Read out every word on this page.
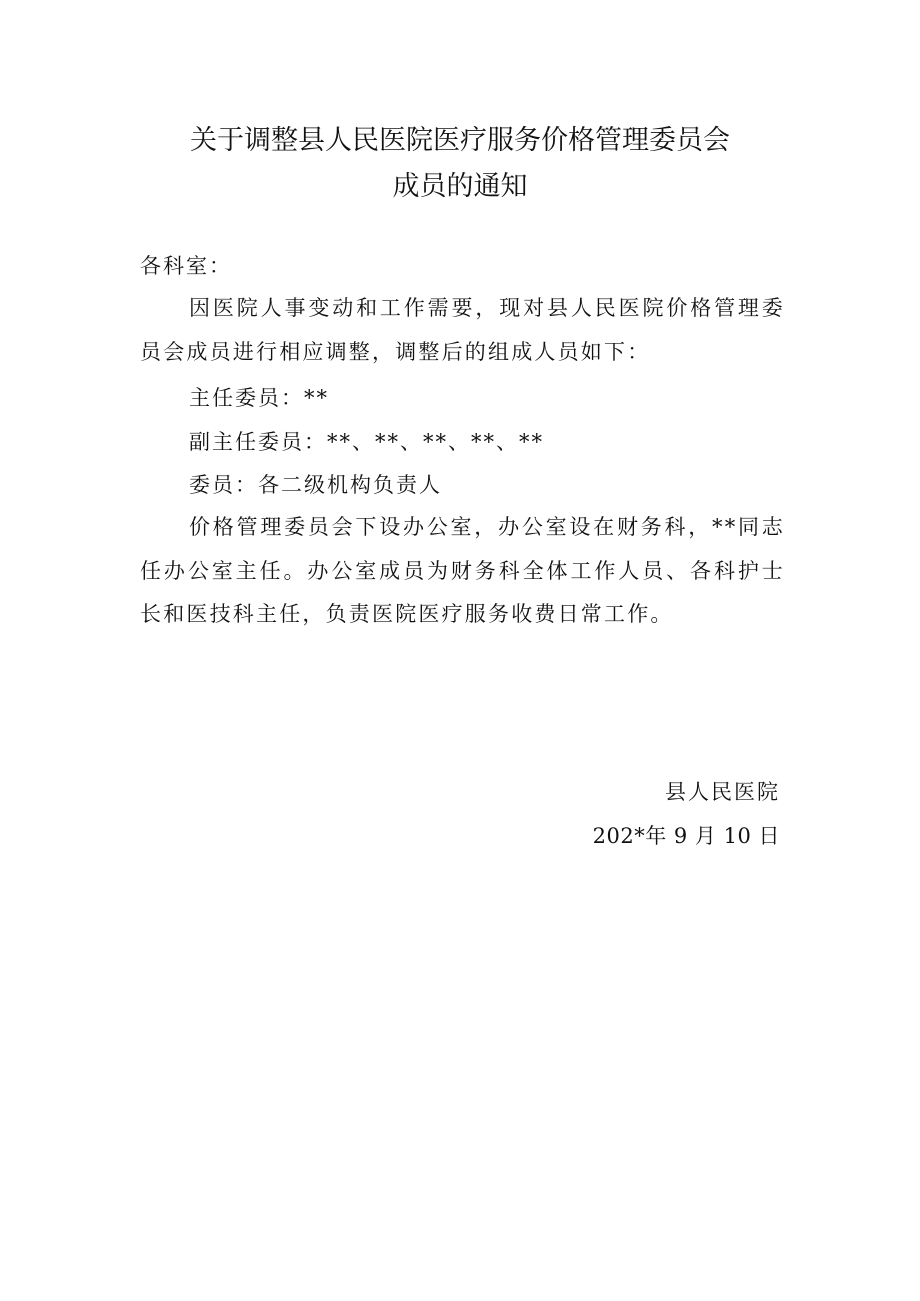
关于调整县人民医院医疗服务价格管理委员会
成员的通知
各科室：
因医院人事变动和工作需要，现对县人民医院价格管理委员会成员进行相应调整，调整后的组成人员如下：
主任委员：**
副主任委员：**、**、**、**、**
委员：各二级机构负责人
价格管理委员会下设办公室，办公室设在财务科，**同志任办公室主任。办公室成员为财务科全体工作人员、各科护士长和医技科主任，负责医院医疗服务收费日常工作。
县人民医院
202*年 9 月 10 日
